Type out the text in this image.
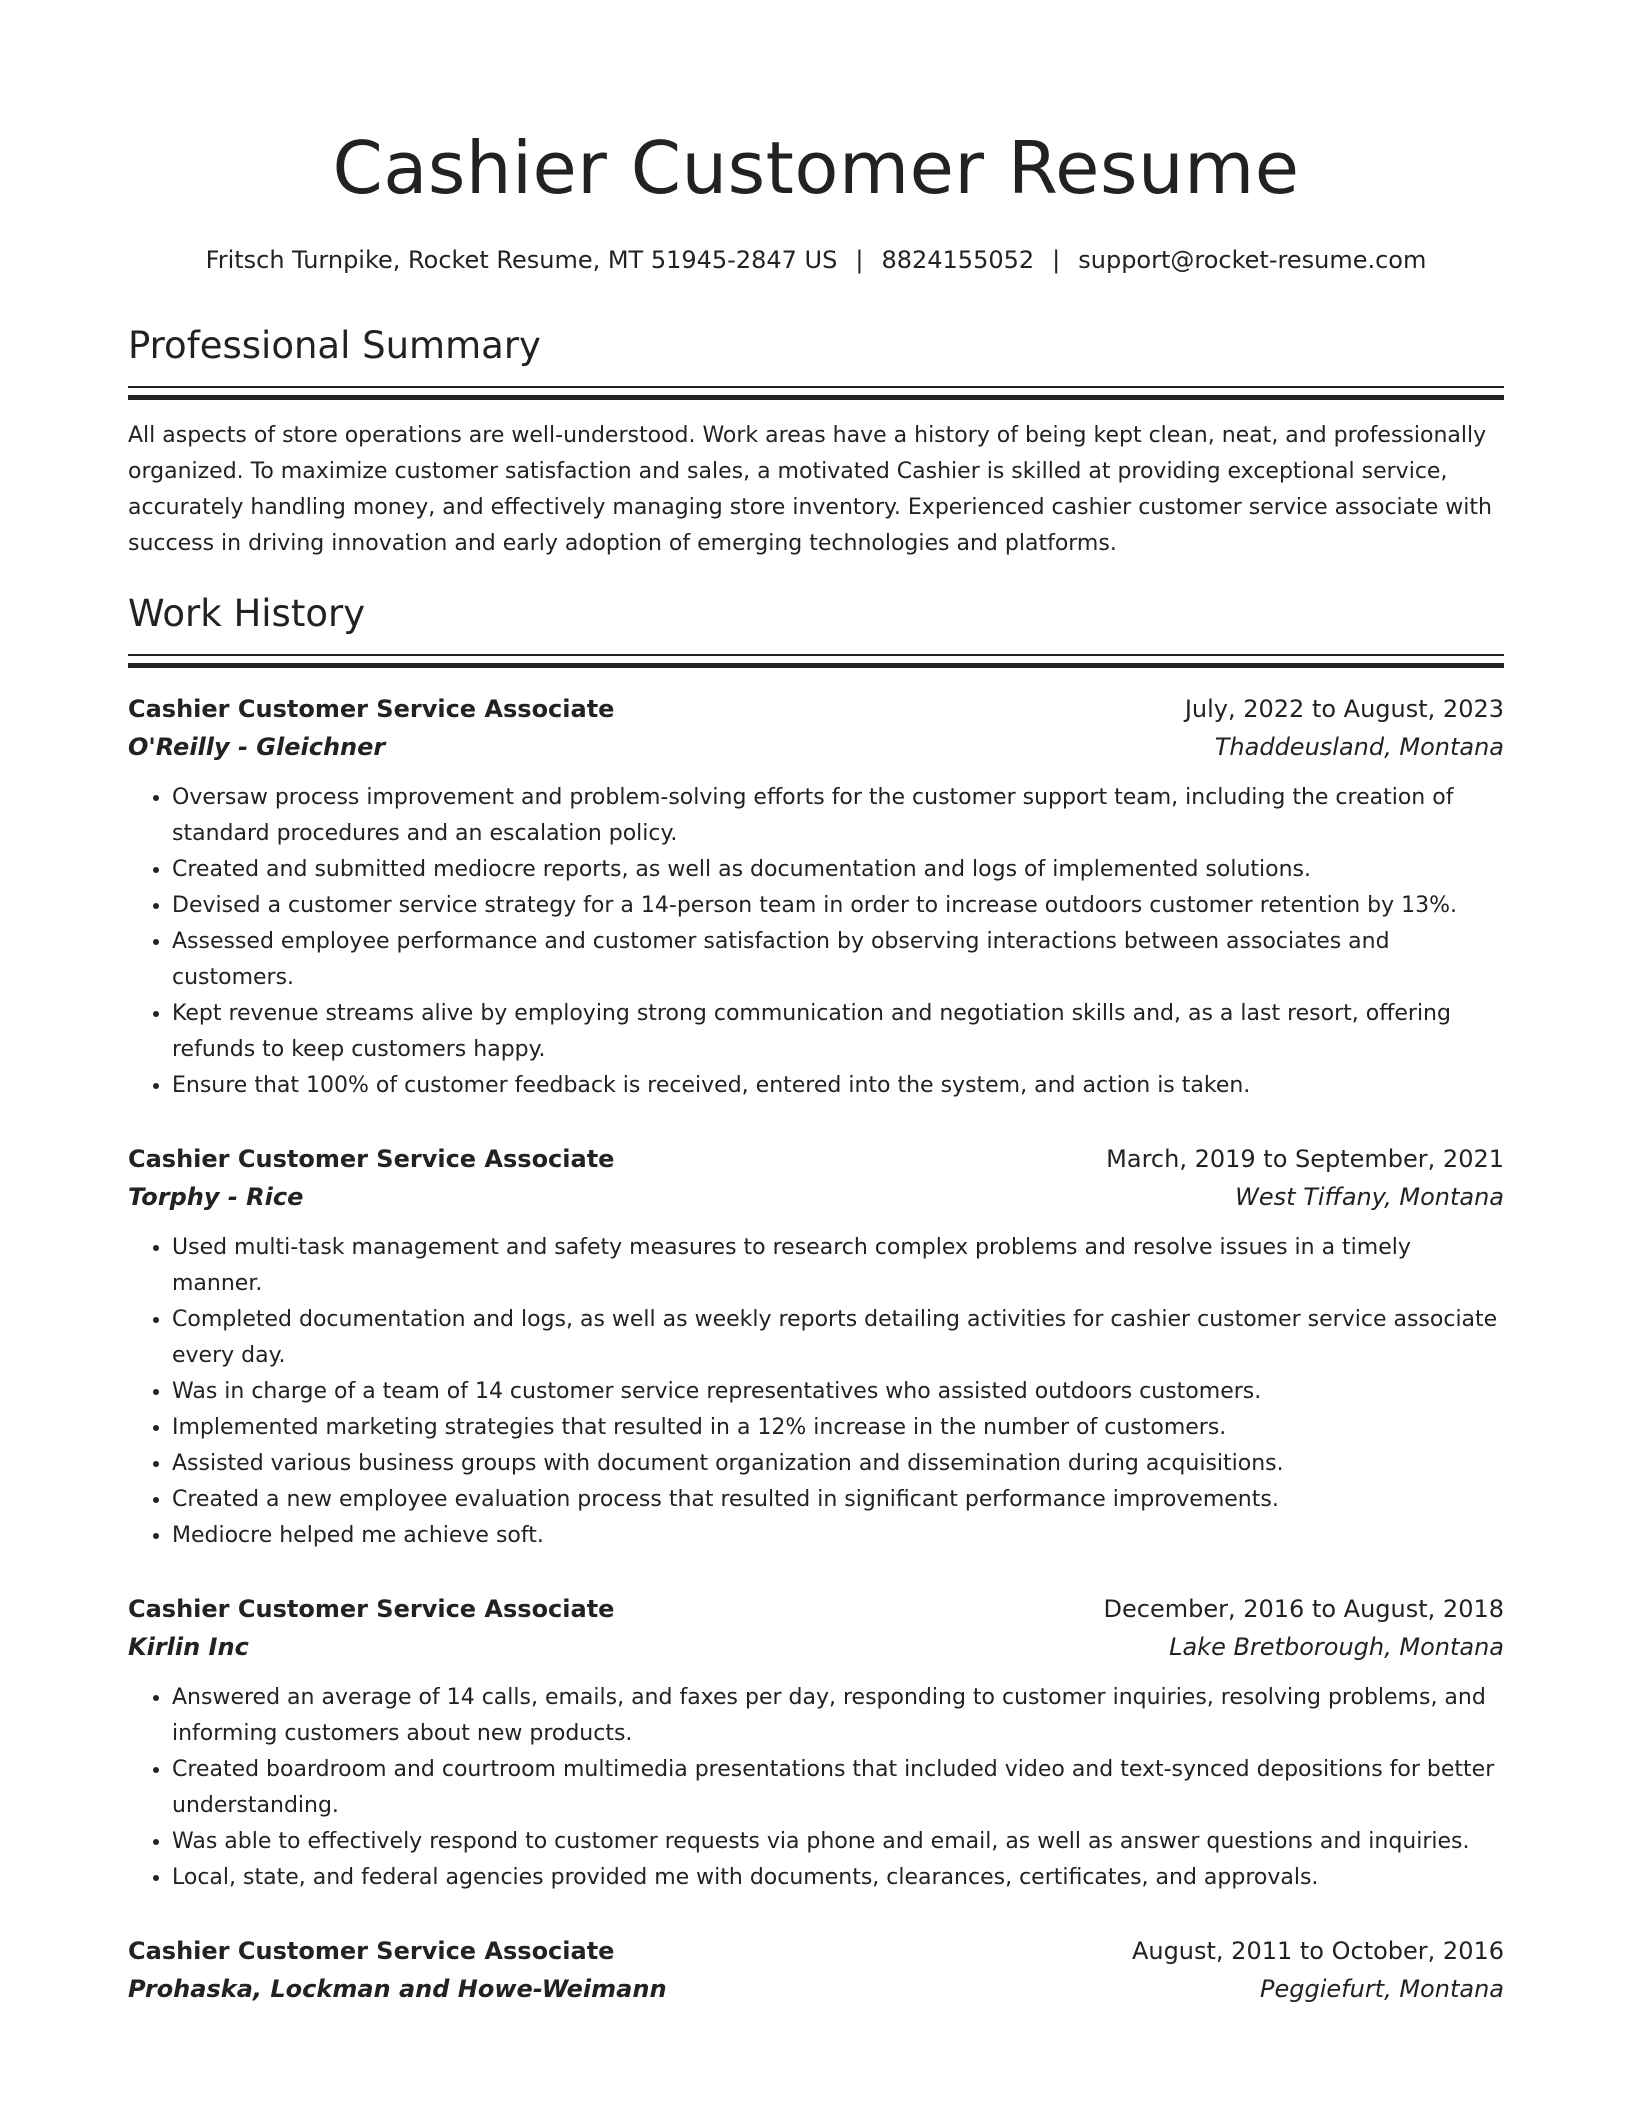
Cashier Customer Resume
Fritsch Turnpike, Rocket Resume, MT 51945-2847 US | 8824155052 | support@rocket-resume.com
Professional Summary

All aspects of store operations are well-understood. Work areas have a history of being kept clean, neat, and professionally organized. To maximize customer satisfaction and sales, a motivated Cashier is skilled at providing exceptional service, accurately handling money, and effectively managing store inventory. Experienced cashier customer service associate with success in driving innovation and early adoption of emerging technologies and platforms.

Work History
Cashier Customer Service Associate	July, 2022 to August, 2023
O'Reilly - Gleichner	Thaddeusland, Montana
• Oversaw process improvement and problem-solving efforts for the customer support team, including the creation of standard procedures and an escalation policy.
• Created and submitted mediocre reports, as well as documentation and logs of implemented solutions.
• Devised a customer service strategy for a 14-person team in order to increase outdoors customer retention by 13%.
• Assessed employee performance and customer satisfaction by observing interactions between associates and customers.
• Kept revenue streams alive by employing strong communication and negotiation skills and, as a last resort, offering refunds to keep customers happy.
• Ensure that 100% of customer feedback is received, entered into the system, and action is taken.
Cashier Customer Service Associate	March, 2019 to September, 2021
Torphy - Rice	West Tiffany, Montana
• Used multi-task management and safety measures to research complex problems and resolve issues in a timely manner.
• Completed documentation and logs, as well as weekly reports detailing activities for cashier customer service associate every day.
• Was in charge of a team of 14 customer service representatives who assisted outdoors customers.
• Implemented marketing strategies that resulted in a 12% increase in the number of customers.
• Assisted various business groups with document organization and dissemination during acquisitions.
• Created a new employee evaluation process that resulted in significant performance improvements.
• Mediocre helped me achieve soft.
Cashier Customer Service Associate	December, 2016 to August, 2018
Kirlin Inc	Lake Bretborough, Montana
• Answered an average of 14 calls, emails, and faxes per day, responding to customer inquiries, resolving problems, and informing customers about new products.
• Created boardroom and courtroom multimedia presentations that included video and text-synced depositions for better understanding.
• Was able to effectively respond to customer requests via phone and email, as well as answer questions and inquiries.
• Local, state, and federal agencies provided me with documents, clearances, certificates, and approvals.
Cashier Customer Service Associate	August, 2011 to October, 2016
Prohaska, Lockman and Howe-Weimann	Peggiefurt, Montana
